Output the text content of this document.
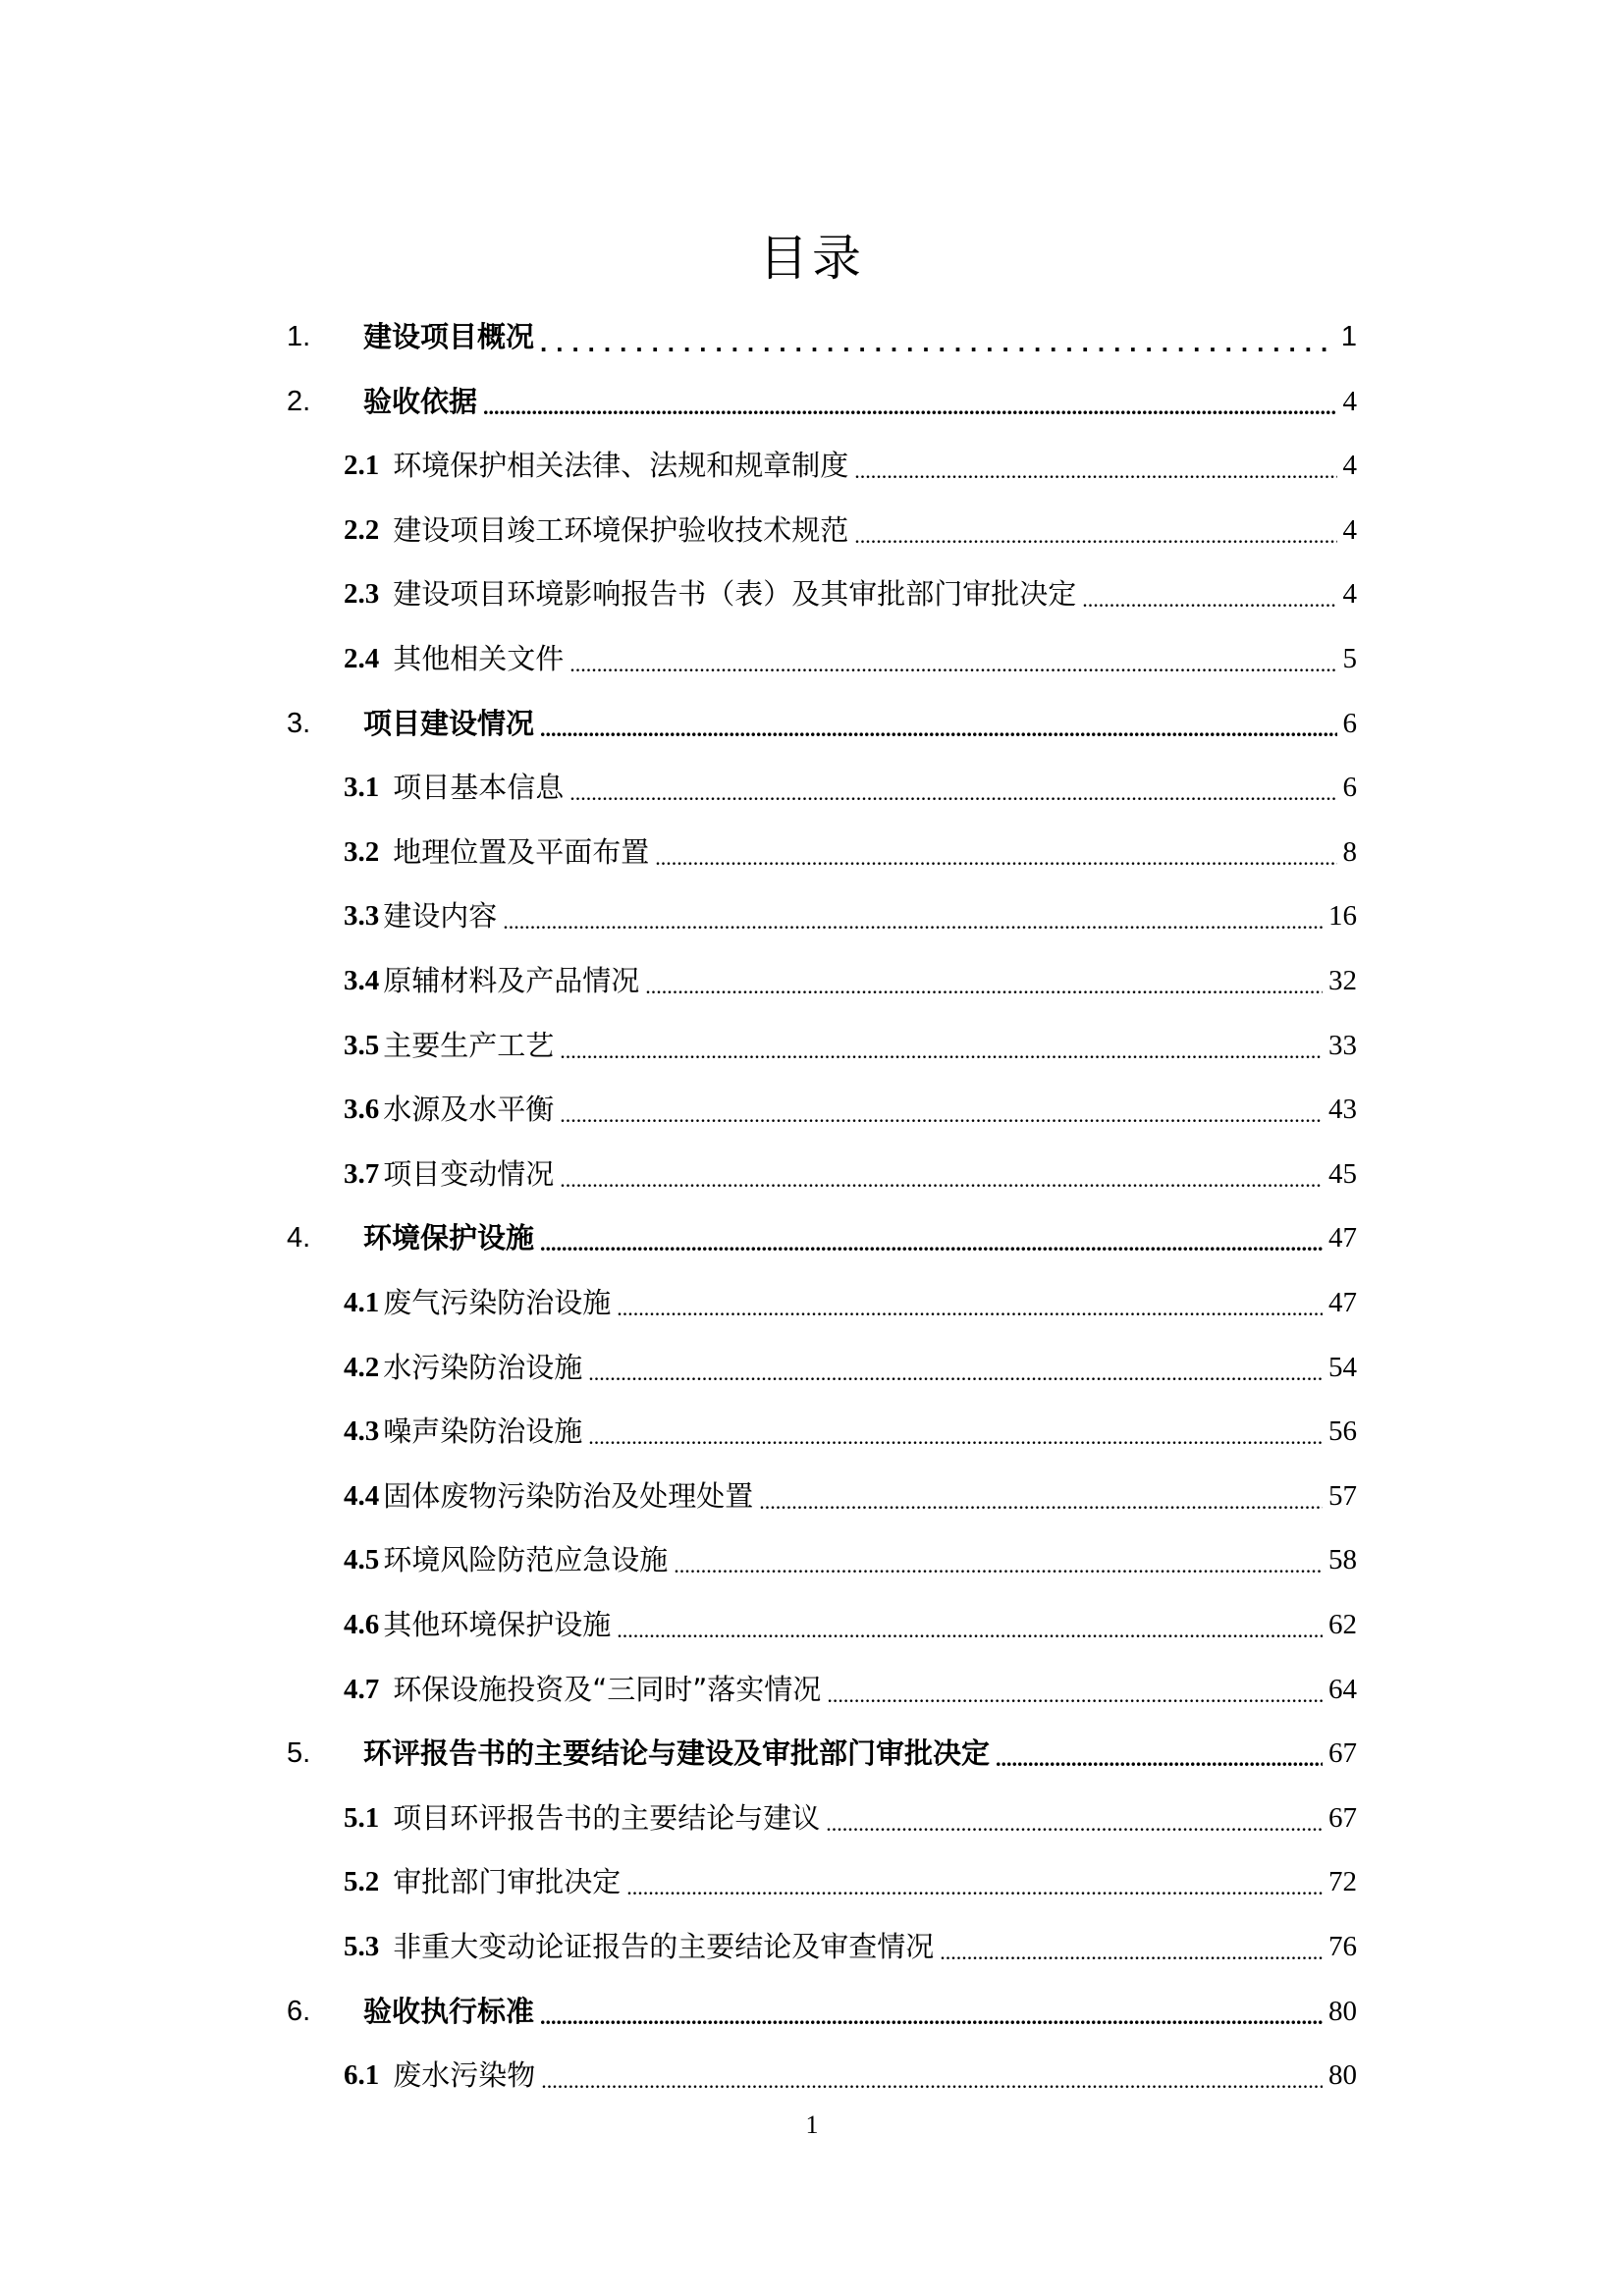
目录
1.	建设项目概况 .....	1
2.	验收依据 .....	4
2.1 环境保护相关法律、法规和规章制度 .....	4
2.2 建设项目竣工环境保护验收技术规范 .....	4
2.3 建设项目环境影响报告书（表）及其审批部门审批决定 .....	4
2.4 其他相关文件 .....	5
3.	项目建设情况 .....	6
3.1 项目基本信息 .....	6
3.2 地理位置及平面布置 .....	8
3.3 建设内容 .....	16
3.4 原辅材料及产品情况 .....	32
3.5 主要生产工艺 .....	33
3.6 水源及水平衡 .....	43
3.7 项目变动情况 .....	45
4.	环境保护设施 .....	47
4.1 废气污染防治设施 .....	47
4.2 水污染防治设施 .....	54
4.3 噪声染防治设施 .....	56
4.4 固体废物污染防治及处理处置 .....	57
4.5 环境风险防范应急设施 .....	58
4.6 其他环境保护设施 .....	62
4.7 环保设施投资及“三同时”落实情况 .....	64
5.	环评报告书的主要结论与建设及审批部门审批决定 .....	67
5.1 项目环评报告书的主要结论与建议 .....	67
5.2 审批部门审批决定 .....	72
5.3 非重大变动论证报告的主要结论及审查情况 .....	76
6.	验收执行标准 .....	80
6.1 废水污染物 .....	80
1
